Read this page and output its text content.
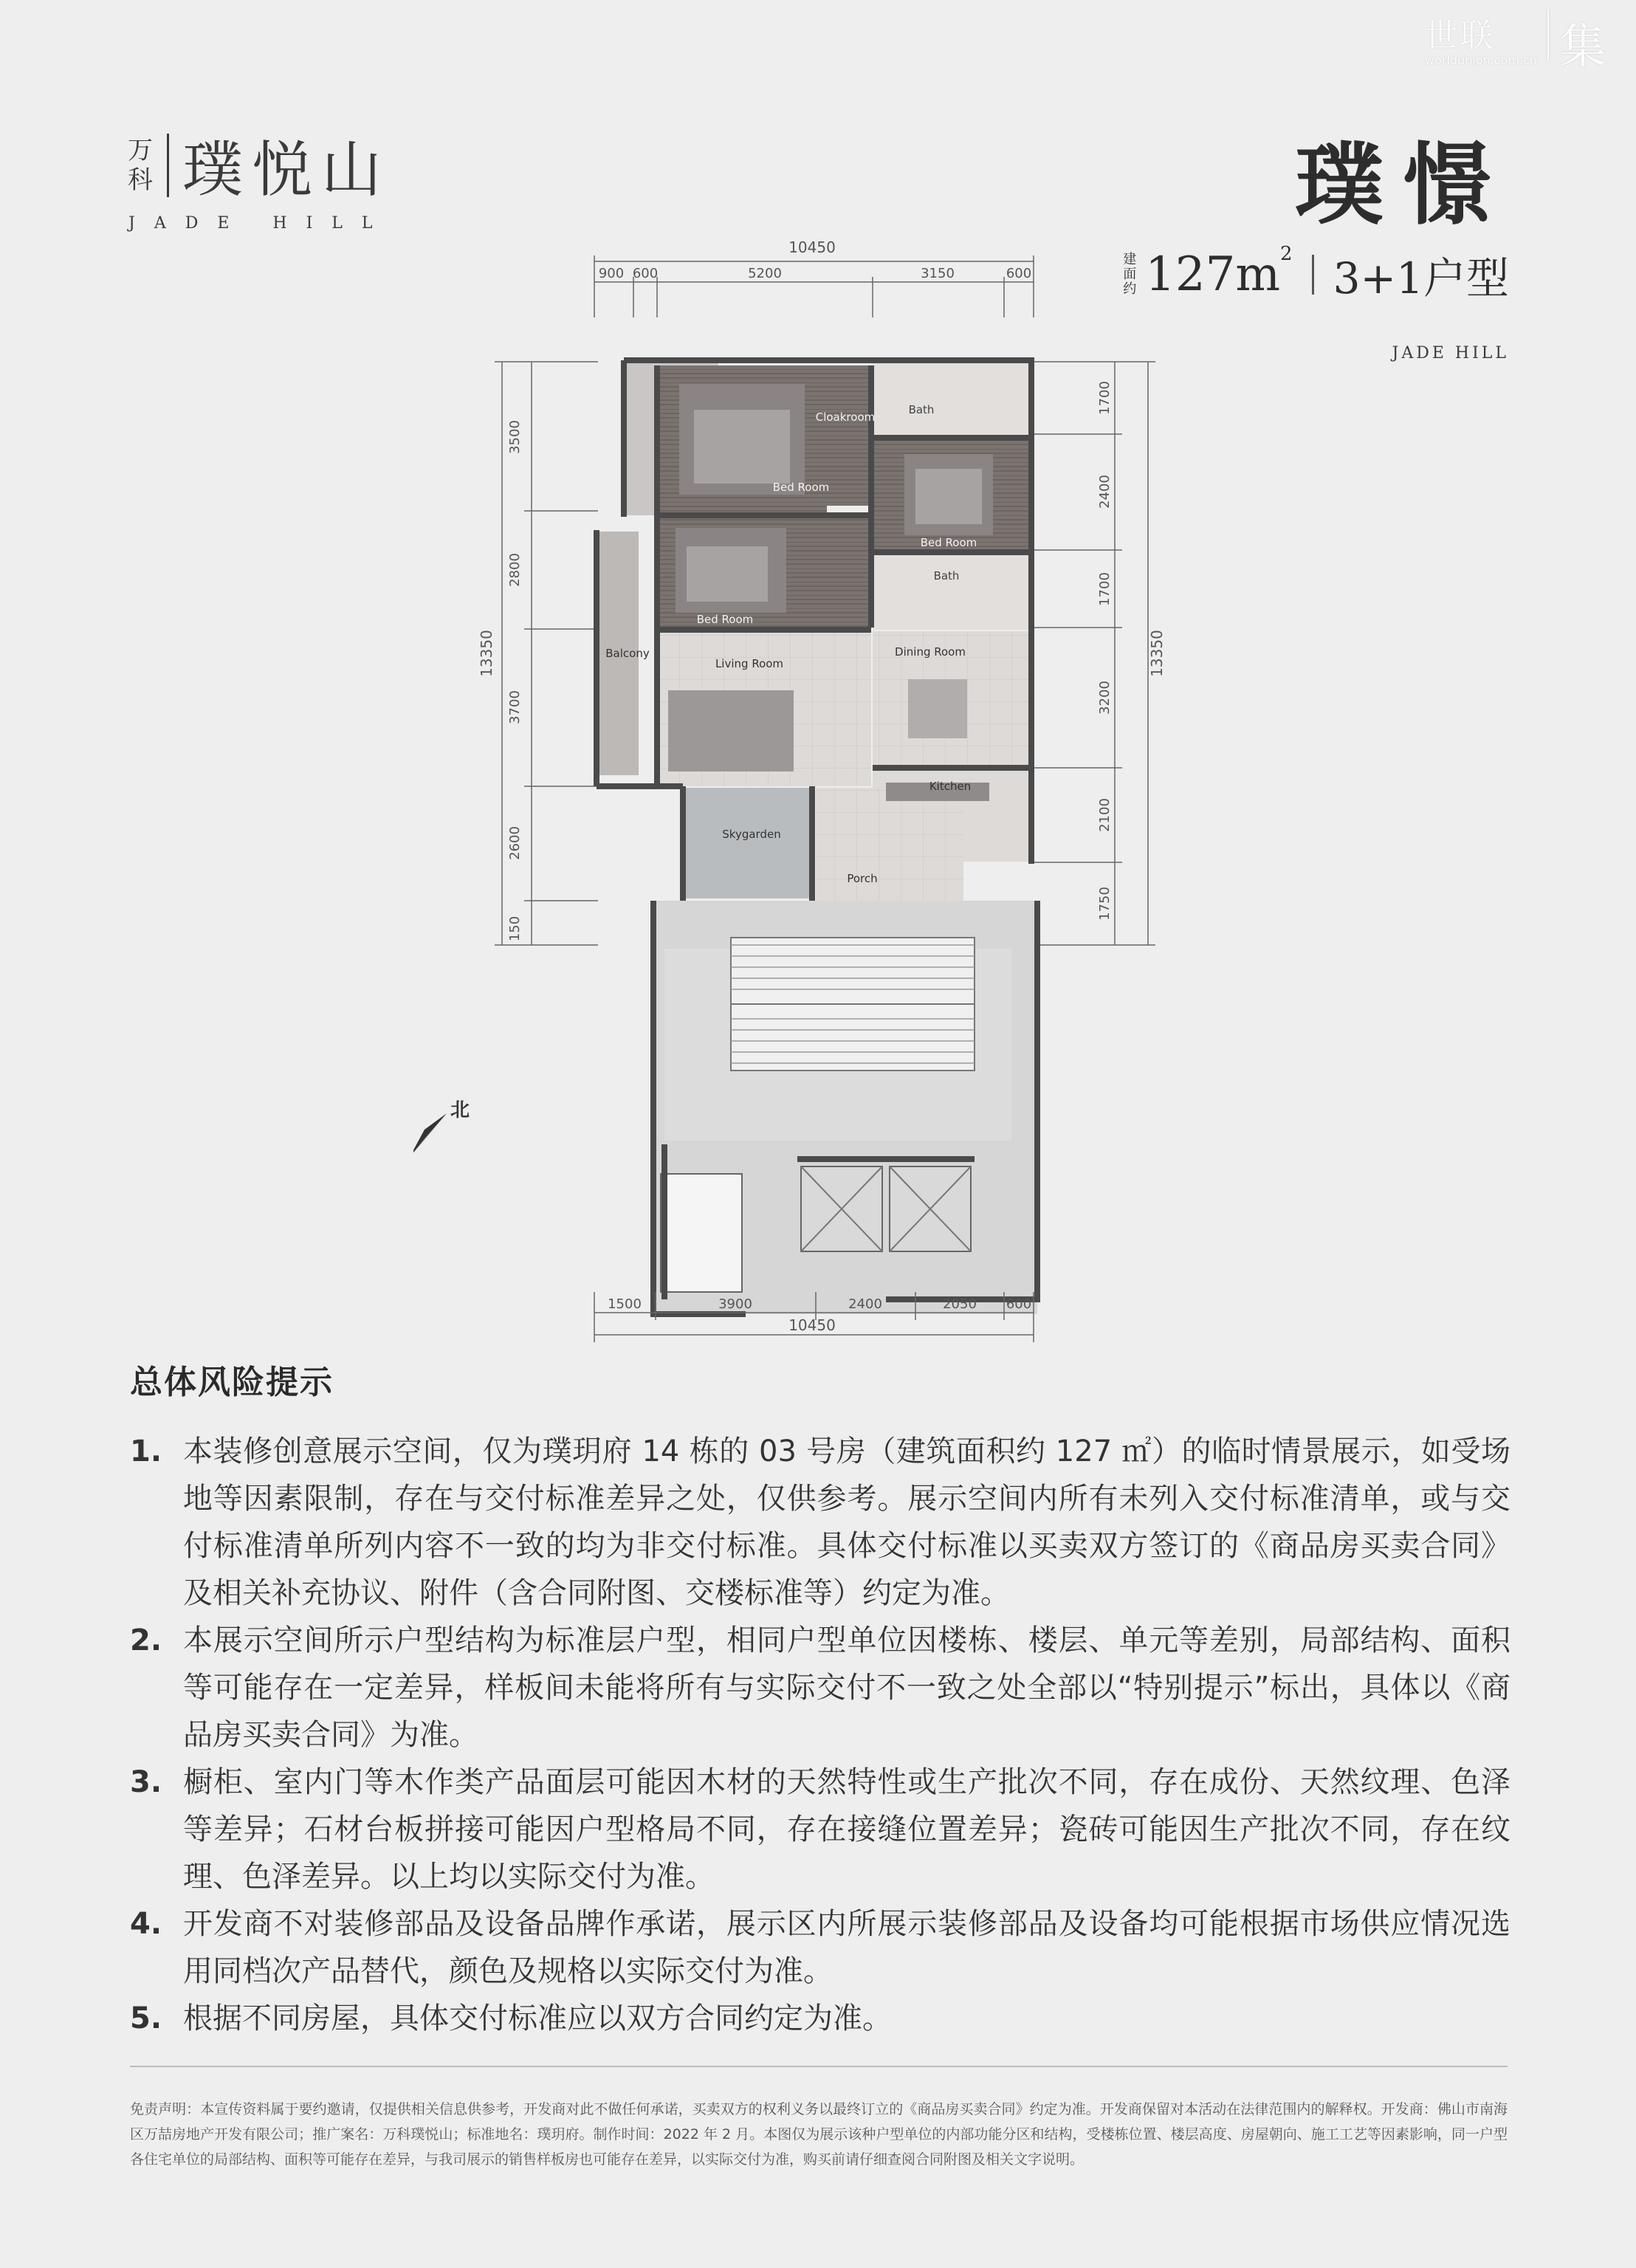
世联
worldunion.com.cn 集
万
科 璞悦山
JADE HILL	璞憬
建面约 127 m 2 3+1户型
JADE HILL
10450
900 600	5200	3150	600
3500
2800
3700
2600
150
13350
1700
2400
1700
3200
2100
1750
13350
北
Cloakroom
Bath
Bed Room
Bed Room
Bath
Bed Room
Balcony
Living Room
Dining Room
Kitchen
Skygarden
Porch
1500	3900	2400	2050 600
10450
总体风险提示
1. 本装修创意展示空间，仅为璞玥府 14 栋的 03 号房（建筑面积约 127 ㎡）的临时情景展示，如受场地等因素限制，存在与交付标准差异之处，仅供参考。展示空间内所有未列入交付标准清单，或与交付标准清单所列内容不一致的均为非交付标准。具体交付标准以买卖双方签订的《商品房买卖合同》及相关补充协议、附件（含合同附图、交楼标准等）约定为准。
2. 本展示空间所示户型结构为标准层户型，相同户型单位因楼栋、楼层、单元等差别，局部结构、面积等可能存在一定差异，样板间未能将所有与实际交付不一致之处全部以“特别提示”标出，具体以《商品房买卖合同》为准。
3. 橱柜、室内门等木作类产品面层可能因木材的天然特性或生产批次不同，存在成份、天然纹理、色泽等差异；石材台板拼接可能因户型格局不同，存在接缝位置差异；瓷砖可能因生产批次不同，存在纹理、色泽差异。以上均以实际交付为准。
4. 开发商不对装修部品及设备品牌作承诺，展示区内所展示装修部品及设备均可能根据市场供应情况选用同档次产品替代，颜色及规格以实际交付为准。
5. 根据不同房屋，具体交付标准应以双方合同约定为准。
免责声明：本宣传资料属于要约邀请，仅提供相关信息供参考，开发商对此不做任何承诺，买卖双方的权利义务以最终订立的《商品房买卖合同》约定为准。开发商保留对本活动在法律范围内的解释权。开发商：佛山市南海区万喆房地产开发有限公司；推广案名：万科璞悦山；标准地名：璞玥府。制作时间：2022 年 2 月。本图仅为展示该种户型单位的内部功能分区和结构，受楼栋位置、楼层高度、房屋朝向、施工工艺等因素影响，同一户型各住宅单位的局部结构、面积等可能存在差异，与我司展示的销售样板房也可能存在差异，以实际交付为准，购买前请仔细查阅合同附图及相关文字说明。
